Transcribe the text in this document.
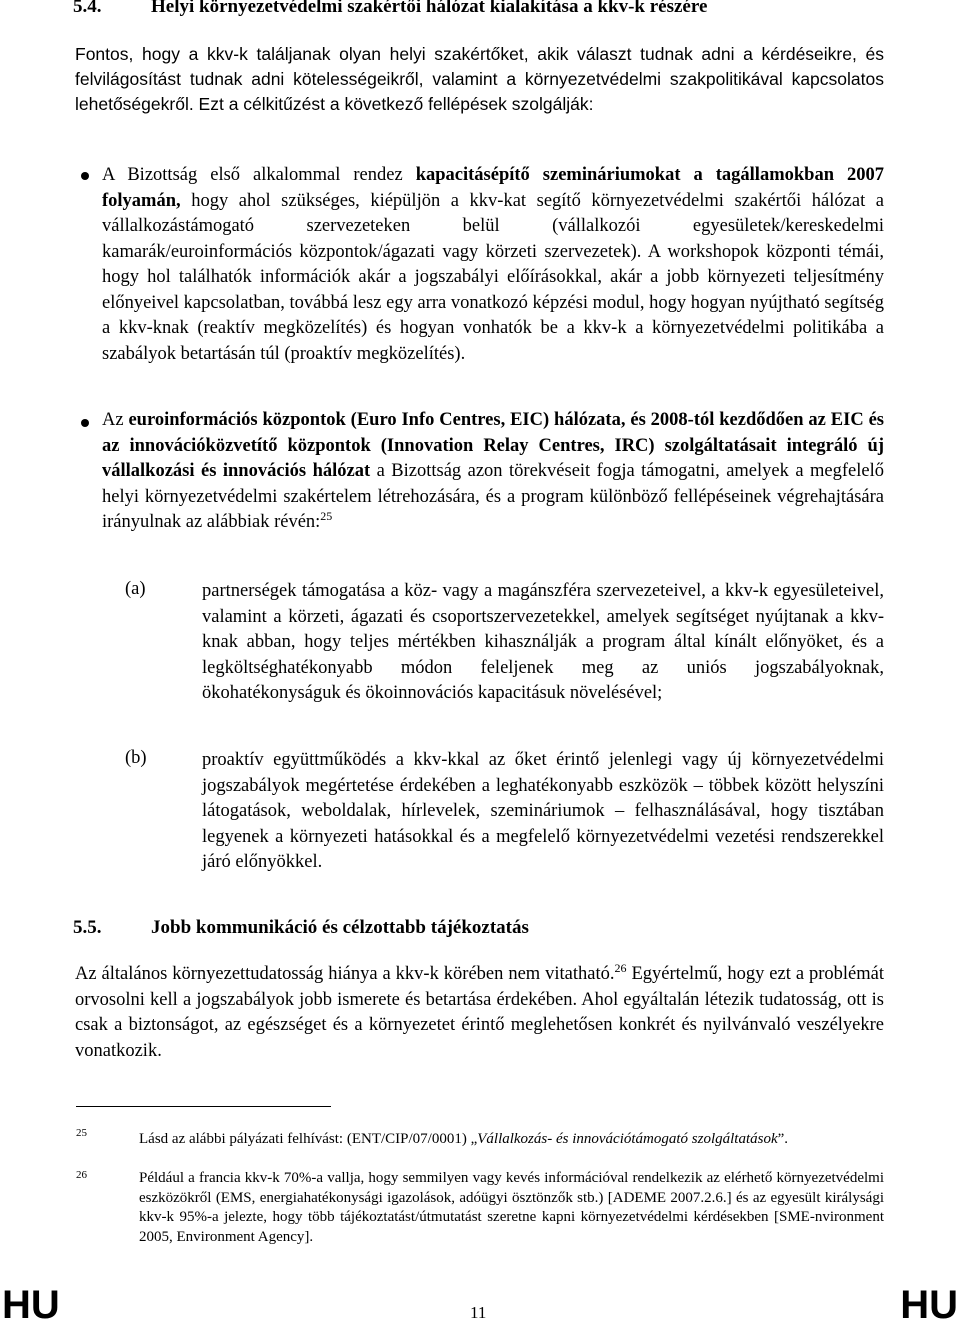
5.4.	Helyi környezetvédelmi szakértői hálózat kialakítása a kkv-k részére
Fontos, hogy a kkv-k találjanak olyan helyi szakértőket, akik választ tudnak adni a kérdéseikre, és felvilágosítást tudnak adni kötelességeikről, valamint a környezetvédelmi szakpolitikával kapcsolatos lehetőségekről. Ezt a célkitűzést a következő fellépések szolgálják:
A Bizottság első alkalommal rendez kapacitásépítő szemináriumokat a tagállamokban 2007 folyamán, hogy ahol szükséges, kiépüljön a kkv-kat segítő környezetvédelmi szakértői hálózat a vállalkozástámogató szervezeteken belül (vállalkozói egyesületek/kereskedelmi kamarák/euroinformációs központok/ágazati vagy körzeti szervezetek). A workshopok központi témái, hogy hol találhatók információk akár a jogszabályi előírásokkal, akár a jobb környezeti teljesítmény előnyeivel kapcsolatban, továbbá lesz egy arra vonatkozó képzési modul, hogy hogyan nyújtható segítség a kkv-knak (reaktív megközelítés) és hogyan vonhatók be a kkv-k a környezetvédelmi politikába a szabályok betartásán túl (proaktív megközelítés).
Az euroinformációs központok (Euro Info Centres, EIC) hálózata, és 2008-tól kezdődően az EIC és az innovációközvetítő központok (Innovation Relay Centres, IRC) szolgáltatásait integráló új vállalkozási és innovációs hálózat a Bizottság azon törekvéseit fogja támogatni, amelyek a megfelelő helyi környezetvédelmi szakértelem létrehozására, és a program különböző fellépéseinek végrehajtására irányulnak az alábbiak révén:$^{25}$
(a)	partnerségek támogatása a köz- vagy a magánszféra szervezeteivel, a kkv-k egyesületeivel, valamint a körzeti, ágazati és csoportszervezetekkel, amelyek segítséget nyújtanak a kkv-knak abban, hogy teljes mértékben kihasználják a program által kínált előnyöket, és a legköltséghatékonyabb módon feleljenek meg az uniós jogszabályoknak, ökohatékonyságuk és ökoinnovációs kapacitásuk növelésével;
(b)	proaktív együttműködés a kkv-kkal az őket érintő jelenlegi vagy új környezetvédelmi jogszabályok megértetése érdekében a leghatékonyabb eszközök – többek között helyszíni látogatások, weboldalak, hírlevelek, szemináriumok – felhasználásával, hogy tisztában legyenek a környezeti hatásokkal és a megfelelő környezetvédelmi vezetési rendszerekkel járó előnyökkel.
5.5.	Jobb kommunikáció és célzottabb tájékoztatás
Az általános környezettudatosság hiánya a kkv-k körében nem vitatható.$^{26}$ Egyértelmű, hogy ezt a problémát orvosolni kell a jogszabályok jobb ismerete és betartása érdekében. Ahol egyáltalán létezik tudatosság, ott is csak a biztonságot, az egészséget és a környezetet érintő meglehetősen konkrét és nyilvánvaló veszélyekre vonatkozik.
25	Lásd az alábbi pályázati felhívást: (ENT/CIP/07/0001) „Vállalkozás- és innovációtámogató szolgáltatások”.
26	Például a francia kkv-k 70%-a vallja, hogy semmilyen vagy kevés információval rendelkezik az elérhető környezetvédelmi eszközökről (EMS, energiahatékonysági igazolások, adóügyi ösztönzők stb.) [ADEME 2007.2.6.] és az egyesült királysági kkv-k 95%-a jelezte, hogy több tájékoztatást/útmutatást szeretne kapni környezetvédelmi kérdésekben [SME-nvironment 2005, Environment Agency].
HU	11	HU
